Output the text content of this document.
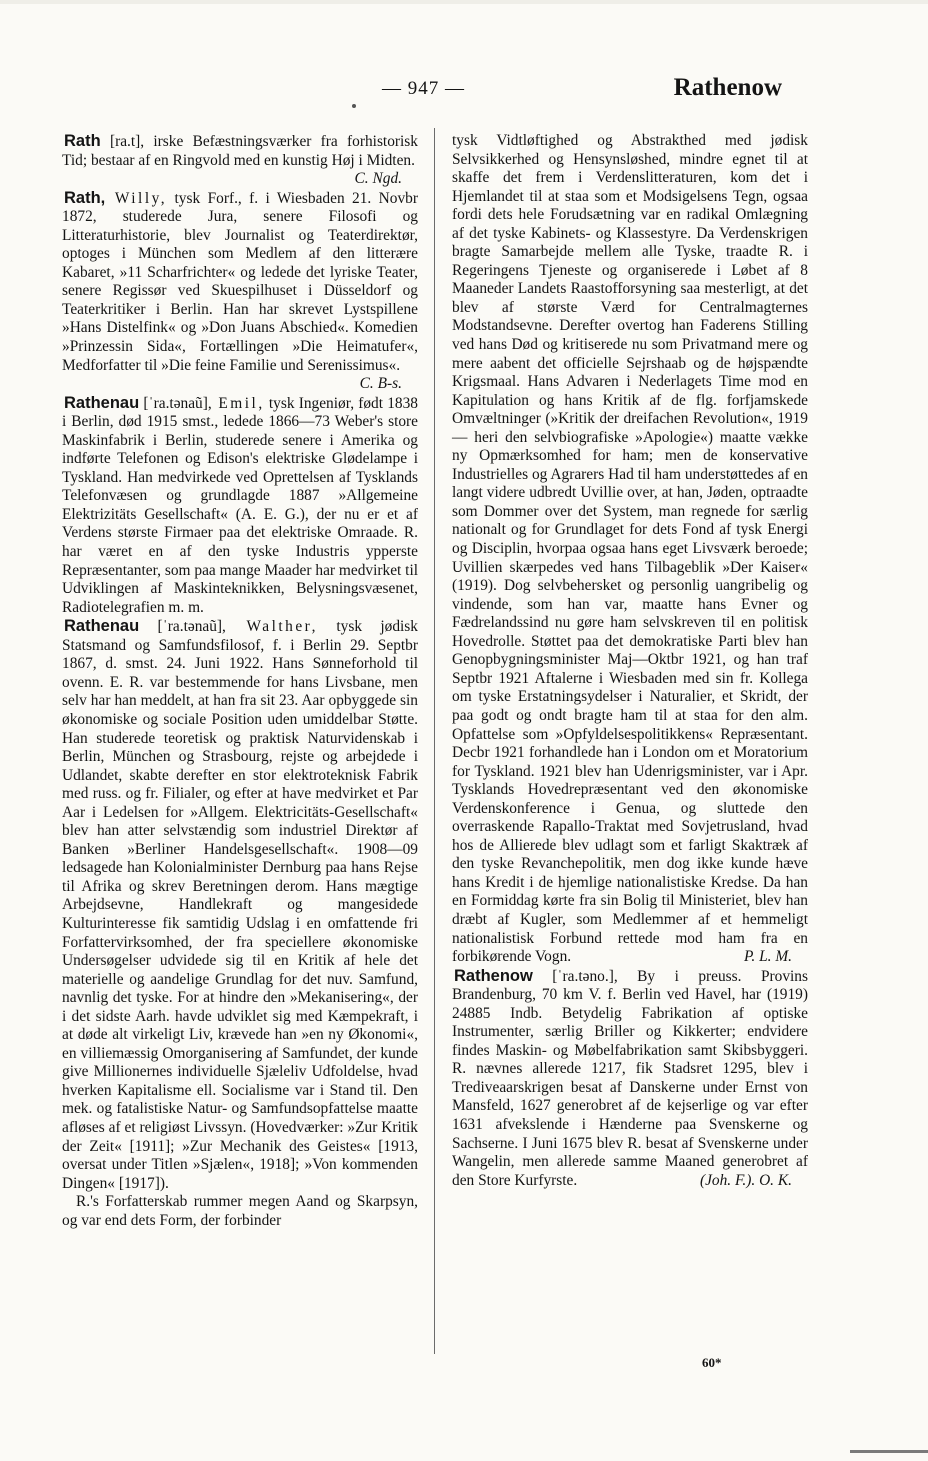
— 947 —	Rathenow

Rath [ra.t], irske Befæstningsværker fra forhistorisk Tid; bestaar af en Ringvold med en kunstig Høj i Midten.
C. Ngd.

Rath, Willy, tysk Forf., f. i Wiesbaden 21. Novbr 1872, studerede Jura, senere Filosofi og Litteraturhistorie, blev Journalist og Teaterdirektør, optoges i München som Medlem af den litterære Kabaret, »11 Scharfrichter« og ledede det lyriske Teater, senere Regissør ved Skuespilhuset i Düsseldorf og Teaterkritiker i Berlin. Han har skrevet Lystspillene »Hans Distelfink« og »Don Juans Abschied«. Komedien »Prinzessin Sida«, Fortællingen »Die Heimatufer«, Medforfatter til »Die feine Familie und Serenissimus«.
C. B-s.

Rathenau [ˈra.tənaũ], Emil, tysk Ingeniør, født 1838 i Berlin, død 1915 smst., ledede 1866—73 Weber's store Maskinfabrik i Berlin, studerede senere i Amerika og indførte Telefonen og Edison's elektriske Glødelampe i Tyskland. Han medvirkede ved Oprettelsen af Tysklands Telefonvæsen og grundlagde 1887 »Allgemeine Elektrizitäts Gesellschaft« (A. E. G.), der nu er et af Verdens største Firmaer paa det elektriske Omraade. R. har været en af den tyske Industris ypperste Repræsentanter, som paa mange Maader har medvirket til Udviklingen af Maskinteknikken, Belysningsvæsenet, Radiotelegrafien m. m.

Rathenau [ˈra.tənaũ], Walther, tysk jødisk Statsmand og Samfundsfilosof, f. i Berlin 29. Septbr 1867, d. smst. 24. Juni 1922. Hans Sønneforhold til ovenn. E. R. var bestemmende for hans Livsbane, men selv har han meddelt, at han fra sit 23. Aar opbyggede sin økonomiske og sociale Position uden umiddelbar Støtte. Han studerede teoretisk og praktisk Naturvidenskab i Berlin, München og Strasbourg, rejste og arbejdede i Udlandet, skabte derefter en stor elektroteknisk Fabrik med russ. og fr. Filialer, og efter at have medvirket et Par Aar i Ledelsen for »Allgem. Elektricitäts-Gesellschaft« blev han atter selvstændig som industriel Direktør af Banken »Berliner Handelsgesellschaft«. 1908—09 ledsagede han Kolonialminister Dernburg paa hans Rejse til Afrika og skrev Beretningen derom. Hans mægtige Arbejdsevne, Handlekraft og mangesidede Kulturinteresse fik samtidig Udslag i en omfattende fri Forfattervirksomhed, der fra speciellere økonomiske Undersøgelser udvidede sig til en Kritik af hele det materielle og aandelige Grundlag for det nuv. Samfund, navnlig det tyske. For at hindre den »Mekanisering«, der i det sidste Aarh. havde udviklet sig med Kæmpekraft, i at døde alt virkeligt Liv, krævede han »en ny Økonomi«, en villiemæssig Omorganisering af Samfundet, der kunde give Millionernes individuelle Sjæleliv Udfoldelse, hvad hverken Kapitalisme ell. Socialisme var i Stand til. Den mek. og fatalistiske Natur- og Samfundsopfattelse maatte afløses af et religiøst Livssyn. (Hovedværker: »Zur Kritik der Zeit« [1911]; »Zur Mechanik des Geistes« [1913, oversat under Titlen »Sjælen«, 1918]; »Von kommenden Dingen« [1917]).

R.'s Forfatterskab rummer megen Aand og Skarpsyn, og var end dets Form, der forbinder

tysk Vidtløftighed og Abstrakthed med jødisk Selvsikkerhed og Hensynsløshed, mindre egnet til at skaffe det frem i Verdenslitteraturen, kom det i Hjemlandet til at staa som et Modsigelsens Tegn, ogsaa fordi dets hele Forudsætning var en radikal Omlægning af det tyske Kabinets- og Klassestyre. Da Verdenskrigen bragte Samarbejde mellem alle Tyske, traadte R. i Regeringens Tjeneste og organiserede i Løbet af 8 Maaneder Landets Raastofforsyning saa mesterligt, at det blev af største Værd for Centralmagternes Modstandsevne. Derefter overtog han Faderens Stilling ved hans Død og kritiserede nu som Privatmand mere og mere aabent det officielle Sejrshaab og de højspændte Krigsmaal. Hans Advaren i Nederlagets Time mod en Kapitulation og hans Kritik af de flg. forfjamskede Omvæltninger (»Kritik der dreifachen Revolution«, 1919 — heri den selvbiografiske »Apologie«) maatte vække ny Opmærksomhed for ham; men de konservative Industrielles og Agrarers Had til ham understøttedes af en langt videre udbredt Uvillie over, at han, Jøden, optraadte som Dommer over det System, man regnede for særlig nationalt og for Grundlaget for dets Fond af tysk Energi og Disciplin, hvorpaa ogsaa hans eget Livsværk beroede; Uvillien skærpedes ved hans Tilbageblik »Der Kaiser« (1919). Dog selvbehersket og personlig uangribelig og vindende, som han var, maatte hans Evner og Fædrelandssind nu gøre ham selvskreven til en politisk Hovedrolle. Støttet paa det demokratiske Parti blev han Genopbygningsminister Maj—Oktbr 1921, og han traf Septbr 1921 Aftalerne i Wiesbaden med sin fr. Kollega om tyske Erstatningsydelser i Naturalier, et Skridt, der paa godt og ondt bragte ham til at staa for den alm. Opfattelse som »Opfyldelsespolitikkens« Repræsentant. Decbr 1921 forhandlede han i London om et Moratorium for Tyskland. 1921 blev han Udenrigsminister, var i Apr. Tysklands Hovedrepræsentant ved den økonomiske Verdenskonference i Genua, og sluttede den overraskende Rapallo-Traktat med Sovjetrusland, hvad hos de Allierede blev udlagt som et farligt Skaktræk af den tyske Revanchepolitik, men dog ikke kunde hæve hans Kredit i de hjemlige nationalistiske Kredse. Da han en Formiddag kørte fra sin Bolig til Ministeriet, blev han dræbt af Kugler, som Medlemmer af et hemmeligt nationalistisk Forbund rettede mod ham fra en forbikørende Vogn.	P. L. M.

Rathenow [ˈra.təno.], By i preuss. Provins Brandenburg, 70 km V. f. Berlin ved Havel, har (1919) 24885 Indb. Betydelig Fabrikation af optiske Instrumenter, særlig Briller og Kikkerter; endvidere findes Maskin- og Møbelfabrikation samt Skibsbyggeri. R. nævnes allerede 1217, fik Stadsret 1295, blev i Trediveaarskrigen besat af Danskerne under Ernst von Mansfeld, 1627 generobret af de kejserlige og var efter 1631 afvekslende i Hænderne paa Svenskerne og Sachserne. I Juni 1675 blev R. besat af Svenskerne under Wangelin, men allerede samme Maaned generobret af den Store Kurfyrste.	(Joh. F.). O. K.

60*
